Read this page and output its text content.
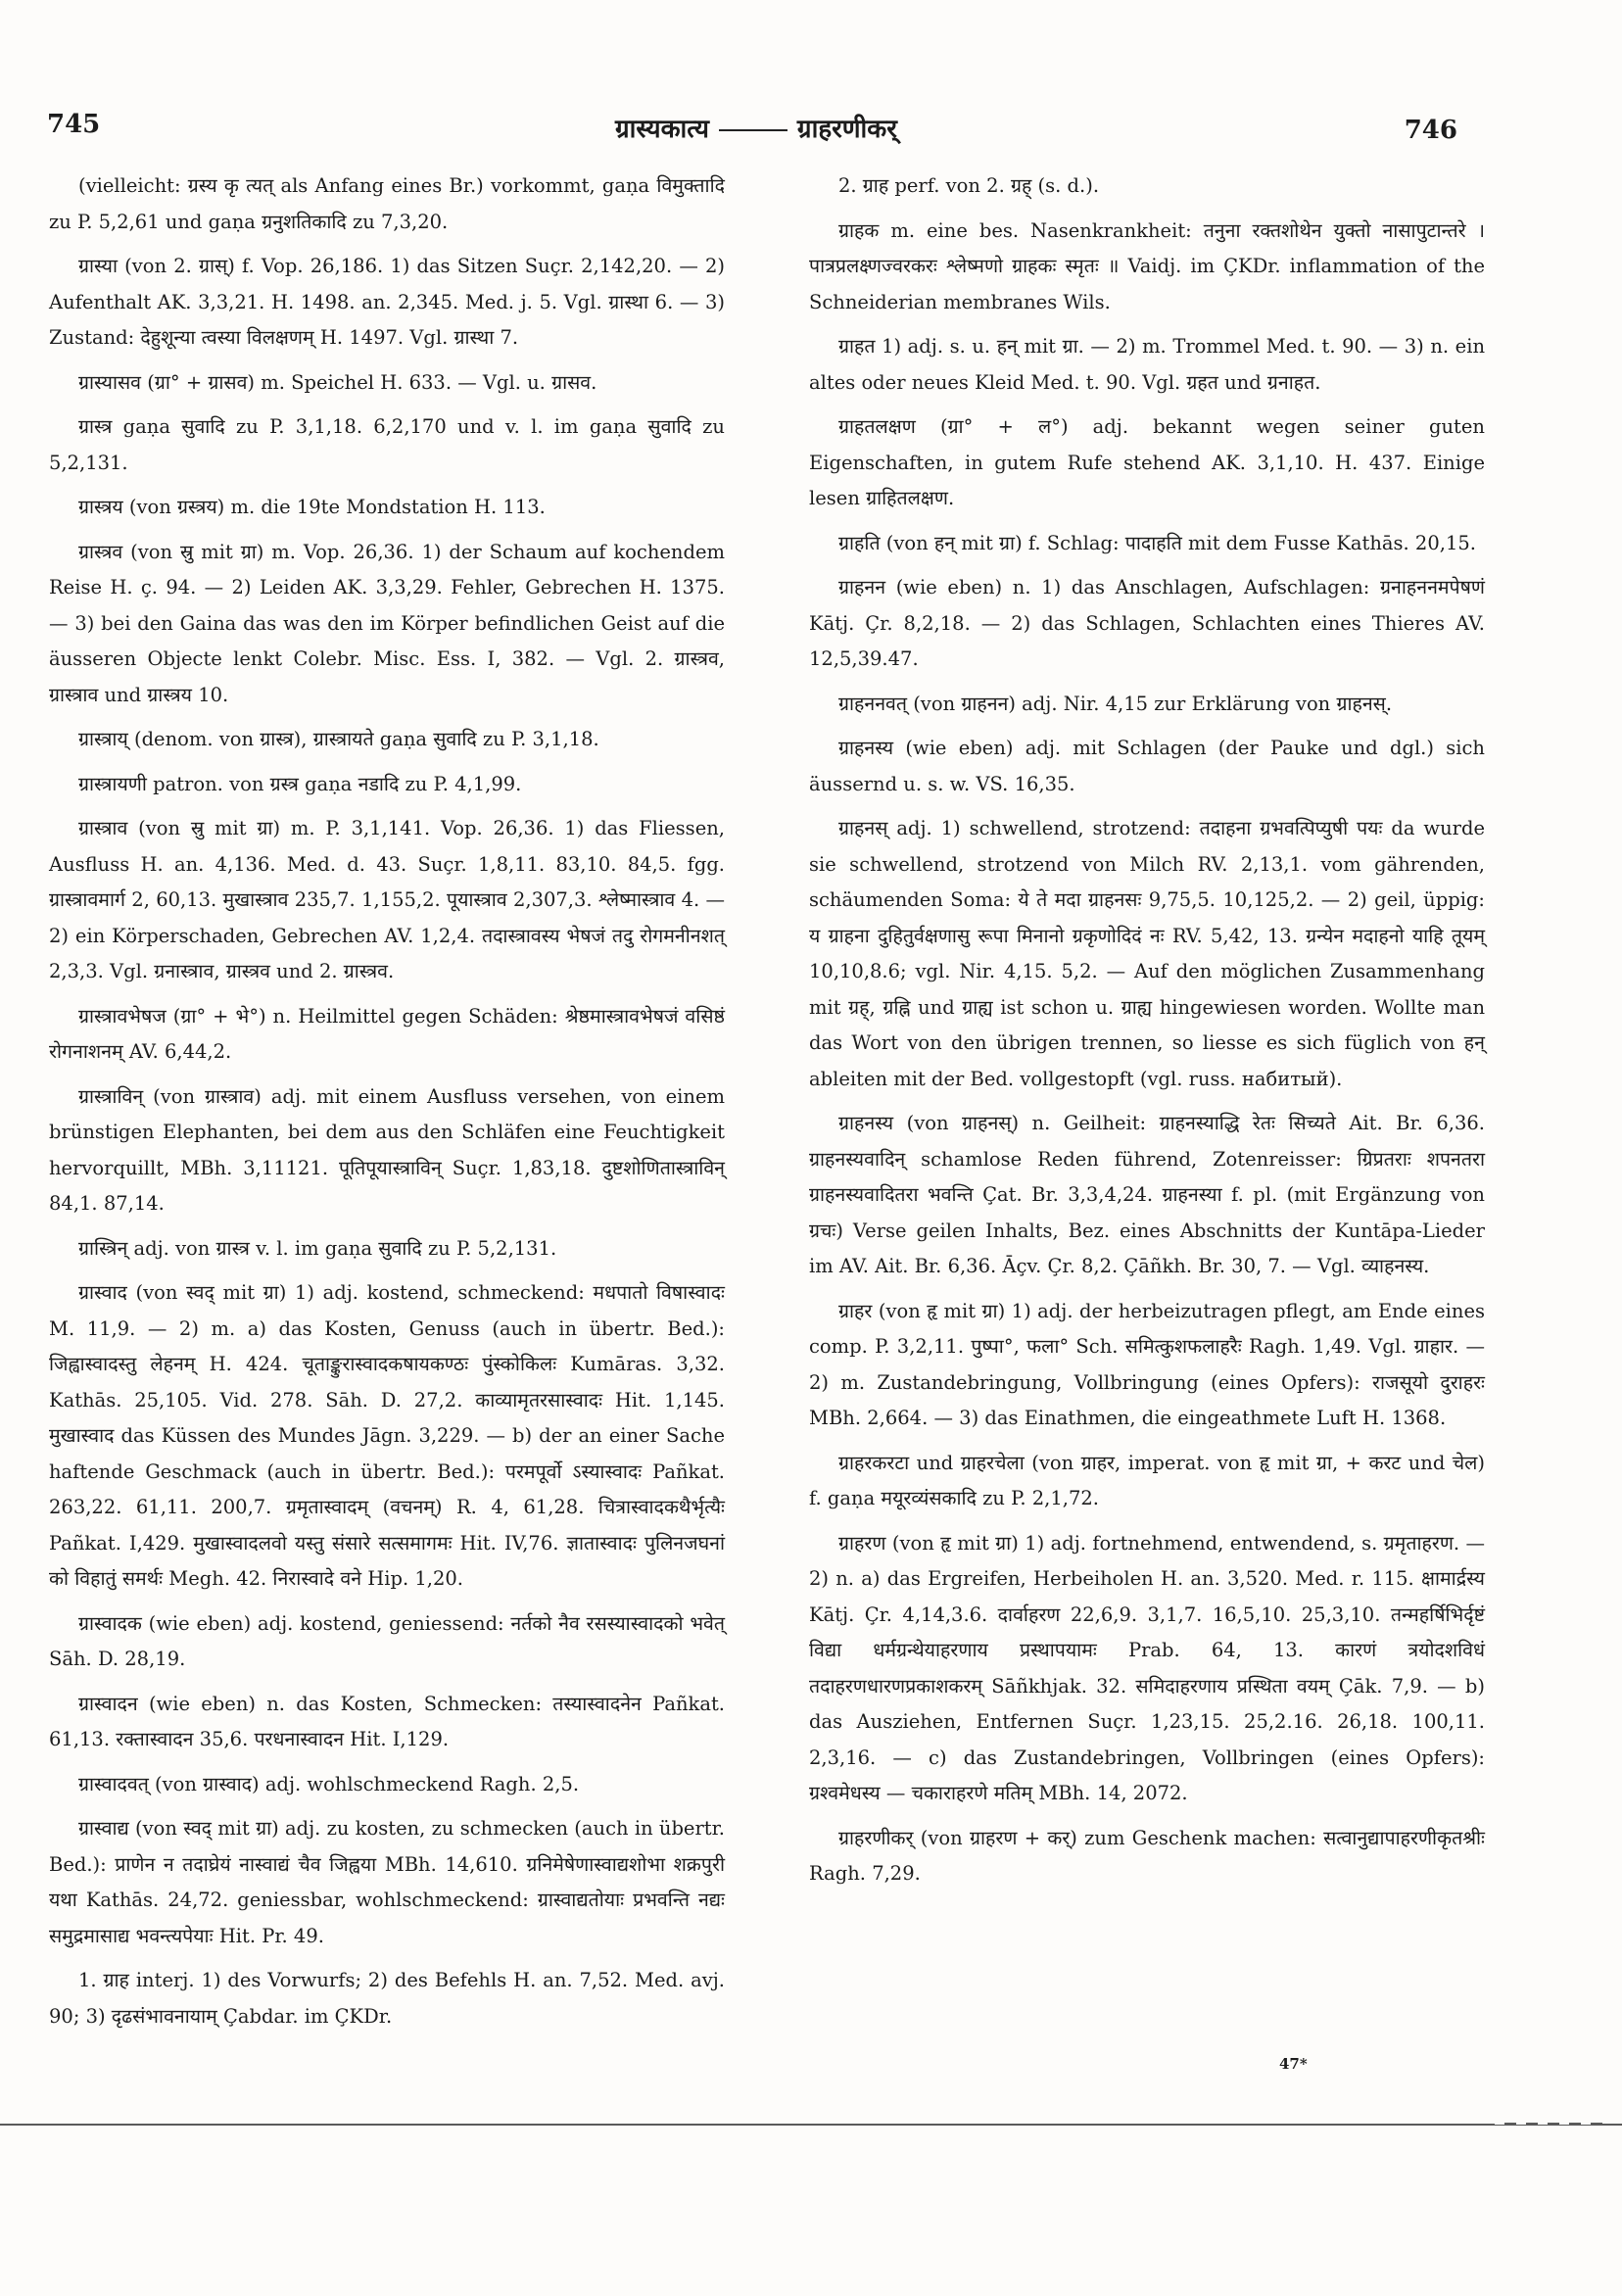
745	ग्रास्यकात्य	ग्राहरणीकर्	746

(vielleicht: ग्रस्य कृ त्यत् als Anfang eines Br.) vorkommt, gaṇa विमुक्तादि zu P. 5,2,61 und gaṇa ग्रनुशतिकादि zu 7,3,20.

ग्रास्या (von 2. ग्रास्) f. Vop. 26,186. 1) das Sitzen Suçr. 2,142,20. — 2) Aufenthalt AK. 3,3,21. H. 1498. an. 2,345. Med. j. 5. Vgl. ग्रास्था 6. — 3) Zustand: देहुशून्या त्वस्या विलक्षणम् H. 1497. Vgl. ग्रास्था 7.

ग्रास्यासव (ग्रा° + ग्रासव) m. Speichel H. 633. — Vgl. u. ग्रासव.

ग्रास्त्र gaṇa सुवादि zu P. 3,1,18. 6,2,170 und v. l. im gaṇa सुवादि zu 5,2,131.

ग्रास्त्रय (von ग्रस्त्रय) m. die 19te Mondstation H. 113.

ग्रास्त्रव (von स्रु mit ग्रा) m. Vop. 26,36. 1) der Schaum auf kochendem Reise H. ç. 94. — 2) Leiden AK. 3,3,29. Fehler, Gebrechen H. 1375. — 3) bei den Gaina das was den im Körper befindlichen Geist auf die äusseren Objecte lenkt Colebr. Misc. Ess. I, 382. — Vgl. 2. ग्रास्त्रव, ग्रास्त्राव und ग्रास्त्रय 10.

ग्रास्त्राय् (denom. von ग्रास्त्र), ग्रास्त्रायते gaṇa सुवादि zu P. 3,1,18.

ग्रास्त्रायणी patron. von ग्रस्त्र gaṇa नडादि zu P. 4,1,99.

ग्रास्त्राव (von स्रु mit ग्रा) m. P. 3,1,141. Vop. 26,36. 1) das Fliessen, Ausfluss H. an. 4,136. Med. d. 43. Suçr. 1,8,11. 83,10. 84,5. fgg. ग्रास्त्रावमार्ग 2, 60,13. मुखास्त्राव 235,7. 1,155,2. पूयास्त्राव 2,307,3. श्लेष्मास्त्राव 4. — 2) ein Körperschaden, Gebrechen AV. 1,2,4. तदास्त्रावस्य भेषजं तदु रोगमनीनशत् 2,3,3. Vgl. ग्रनास्त्राव, ग्रास्त्रव und 2. ग्रास्त्रव.

ग्रास्त्रावभेषज (ग्रा° + भे°) n. Heilmittel gegen Schäden: श्रेष्ठमास्त्रावभेषजं वसिष्ठं रोगनाशनम् AV. 6,44,2.

ग्रास्त्राविन् (von ग्रास्त्राव) adj. mit einem Ausfluss versehen, von einem brünstigen Elephanten, bei dem aus den Schläfen eine Feuchtigkeit hervorquillt, MBh. 3,11121. पूतिपूयास्त्राविन् Suçr. 1,83,18. दुष्टशोणितास्त्राविन् 84,1. 87,14.

ग्रास्त्रिन् adj. von ग्रास्त्र v. l. im gaṇa सुवादि zu P. 5,2,131.

ग्रास्वाद (von स्वद् mit ग्रा) 1) adj. kostend, schmeckend: मधपातो विषास्वादः M. 11,9. — 2) m. a) das Kosten, Genuss (auch in übertr. Bed.): जिह्वास्वादस्तु लेहनम् H. 424. चूताङ्कुरास्वादकषायकण्ठः पुंस्कोकिलः Kumāras. 3,32. Kathās. 25,105. Vid. 278. Sāh. D. 27,2. काव्यामृतरसास्वादः Hit. 1,145. मुखास्वाद das Küssen des Mundes Jāgn. 3,229. — b) der an einer Sache haftende Geschmack (auch in übertr. Bed.): परमपूर्वो ऽस्यास्वादः Pañkat. 263,22. 61,11. 200,7. ग्रमृतास्वादम् (वचनम्) R. 4, 61,28. चित्रास्वादकथैर्भृत्यैः Pañkat. I,429. मुखास्वादलवो यस्तु संसारे सत्समागमः Hit. IV,76. ज्ञातास्वादः पुलिनजघनां को विहातुं समर्थः Megh. 42. निरास्वादे वने Hip. 1,20.

ग्रास्वादक (wie eben) adj. kostend, geniessend: नर्तको नैव रसस्यास्वादको भवेत् Sāh. D. 28,19.

ग्रास्वादन (wie eben) n. das Kosten, Schmecken: तस्यास्वादनेन Pañkat. 61,13. रक्तास्वादन 35,6. परधनास्वादन Hit. I,129.

ग्रास्वादवत् (von ग्रास्वाद) adj. wohlschmeckend Ragh. 2,5.

ग्रास्वाद्य (von स्वद् mit ग्रा) adj. zu kosten, zu schmecken (auch in übertr. Bed.): प्राणेन न तदाघ्रेयं नास्वाद्यं चैव जिह्वया MBh. 14,610. ग्रनिमेषेणास्वाद्यशोभा शक्रपुरी यथा Kathās. 24,72. geniessbar, wohlschmeckend: ग्रास्वाद्यतोयाः प्रभवन्ति नद्यः समुद्रमासाद्य भवन्त्यपेयाः Hit. Pr. 49.

1. ग्राह interj. 1) des Vorwurfs; 2) des Befehls H. an. 7,52. Med. avj. 90; 3) दृढसंभावनायाम् Çabdar. im ÇKDr.

2. ग्राह perf. von 2. ग्रह् (s. d.).

ग्राहक m. eine bes. Nasenkrankheit: तनुना रक्तशोथेन युक्तो नासापुटान्तरे । पात्रप्रलक्ष्णज्वरकरः श्लेष्मणो ग्राहकः स्मृतः ॥ Vaidj. im ÇKDr. inflammation of the Schneiderian membranes Wils.

ग्राहत 1) adj. s. u. हन् mit ग्रा. — 2) m. Trommel Med. t. 90. — 3) n. ein altes oder neues Kleid Med. t. 90. Vgl. ग्रहत und ग्रनाहत.

ग्राहतलक्षण (ग्रा° + ल°) adj. bekannt wegen seiner guten Eigenschaften, in gutem Rufe stehend AK. 3,1,10. H. 437. Einige lesen ग्राहितलक्षण.

ग्राहति (von हन् mit ग्रा) f. Schlag: पादाहति mit dem Fusse Kathās. 20,15.

ग्राहनन (wie eben) n. 1) das Anschlagen, Aufschlagen: ग्रनाहननमपेषणं Kātj. Çr. 8,2,18. — 2) das Schlagen, Schlachten eines Thieres AV. 12,5,39.47.

ग्राहननवत् (von ग्राहनन) adj. Nir. 4,15 zur Erklärung von ग्राहनस्.

ग्राहनस्य (wie eben) adj. mit Schlagen (der Pauke und dgl.) sich äussernd u. s. w. VS. 16,35.

ग्राहनस् adj. 1) schwellend, strotzend: तदाहना ग्रभवत्पिप्युषी पयः da wurde sie schwellend, strotzend von Milch RV. 2,13,1. vom gährenden, schäumenden Soma: ये ते मदा ग्राहनसः 9,75,5. 10,125,2. — 2) geil, üppig: य ग्राहना दुहितुर्वक्षणासु रूपा मिनानो ग्रकृणोदिदं नः RV. 5,42, 13. ग्रन्येन मदाहनो याहि तूयम् 10,10,8.6; vgl. Nir. 4,15. 5,2. — Auf den möglichen Zusammenhang mit ग्रह्, ग्रह्नि und ग्राह्य ist schon u. ग्राह्य hingewiesen worden. Wollte man das Wort von den übrigen trennen, so liesse es sich füglich von हन् ableiten mit der Bed. vollgestopft (vgl. russ. набитый).

ग्राहनस्य (von ग्राहनस्) n. Geilheit: ग्राहनस्याद्धि रेतः सिच्यते Ait. Br. 6,36. ग्राहनस्यवादिन् schamlose Reden führend, Zotenreisser: ग्रिप्रतराः शपनतरा ग्राहनस्यवादितरा भवन्ति Çat. Br. 3,3,4,24. ग्राहनस्या f. pl. (mit Ergänzung von ग्रचः) Verse geilen Inhalts, Bez. eines Abschnitts der Kuntāpa-Lieder im AV. Ait. Br. 6,36. Āçv. Çr. 8,2. Çāñkh. Br. 30, 7. — Vgl. व्याहनस्य.

ग्राहर (von हृ mit ग्रा) 1) adj. der herbeizutragen pflegt, am Ende eines comp. P. 3,2,11. पुष्पा°, फला° Sch. समित्कुशफलाहरैः Ragh. 1,49. Vgl. ग्राहार. — 2) m. Zustandebringung, Vollbringung (eines Opfers): राजसूयो दुराहरः MBh. 2,664. — 3) das Einathmen, die eingeathmete Luft H. 1368.

ग्राहरकरटा und ग्राहरचेला (von ग्राहर, imperat. von हृ mit ग्रा, + करट und चेल) f. gaṇa मयूरव्यंसकादि zu P. 2,1,72.

ग्राहरण (von हृ mit ग्रा) 1) adj. fortnehmend, entwendend, s. ग्रमृताहरण. — 2) n. a) das Ergreifen, Herbeiholen H. an. 3,520. Med. r. 115. क्षामार्द्रस्य Kātj. Çr. 4,14,3.6. दार्वाहरण 22,6,9. 3,1,7. 16,5,10. 25,3,10. तन्महर्षिभिर्दृष्टं विद्या धर्मग्रन्थेयाहरणाय प्रस्थापयामः Prab. 64, 13. कारणं त्रयोदशविधं तदाहरणधारणप्रकाशकरम् Sāñkhjak. 32. समिदाहरणाय प्रस्थिता वयम् Çāk. 7,9. — b) das Ausziehen, Entfernen Suçr. 1,23,15. 25,2.16. 26,18. 100,11. 2,3,16. — c) das Zustandebringen, Vollbringen (eines Opfers): ग्रश्वमेधस्य — चकाराहरणे मतिम् MBh. 14, 2072.

ग्राहरणीकर् (von ग्राहरण + कर्) zum Geschenk machen: सत्वानुद्यापाहरणीकृतश्रीः Ragh. 7,29.

47*
